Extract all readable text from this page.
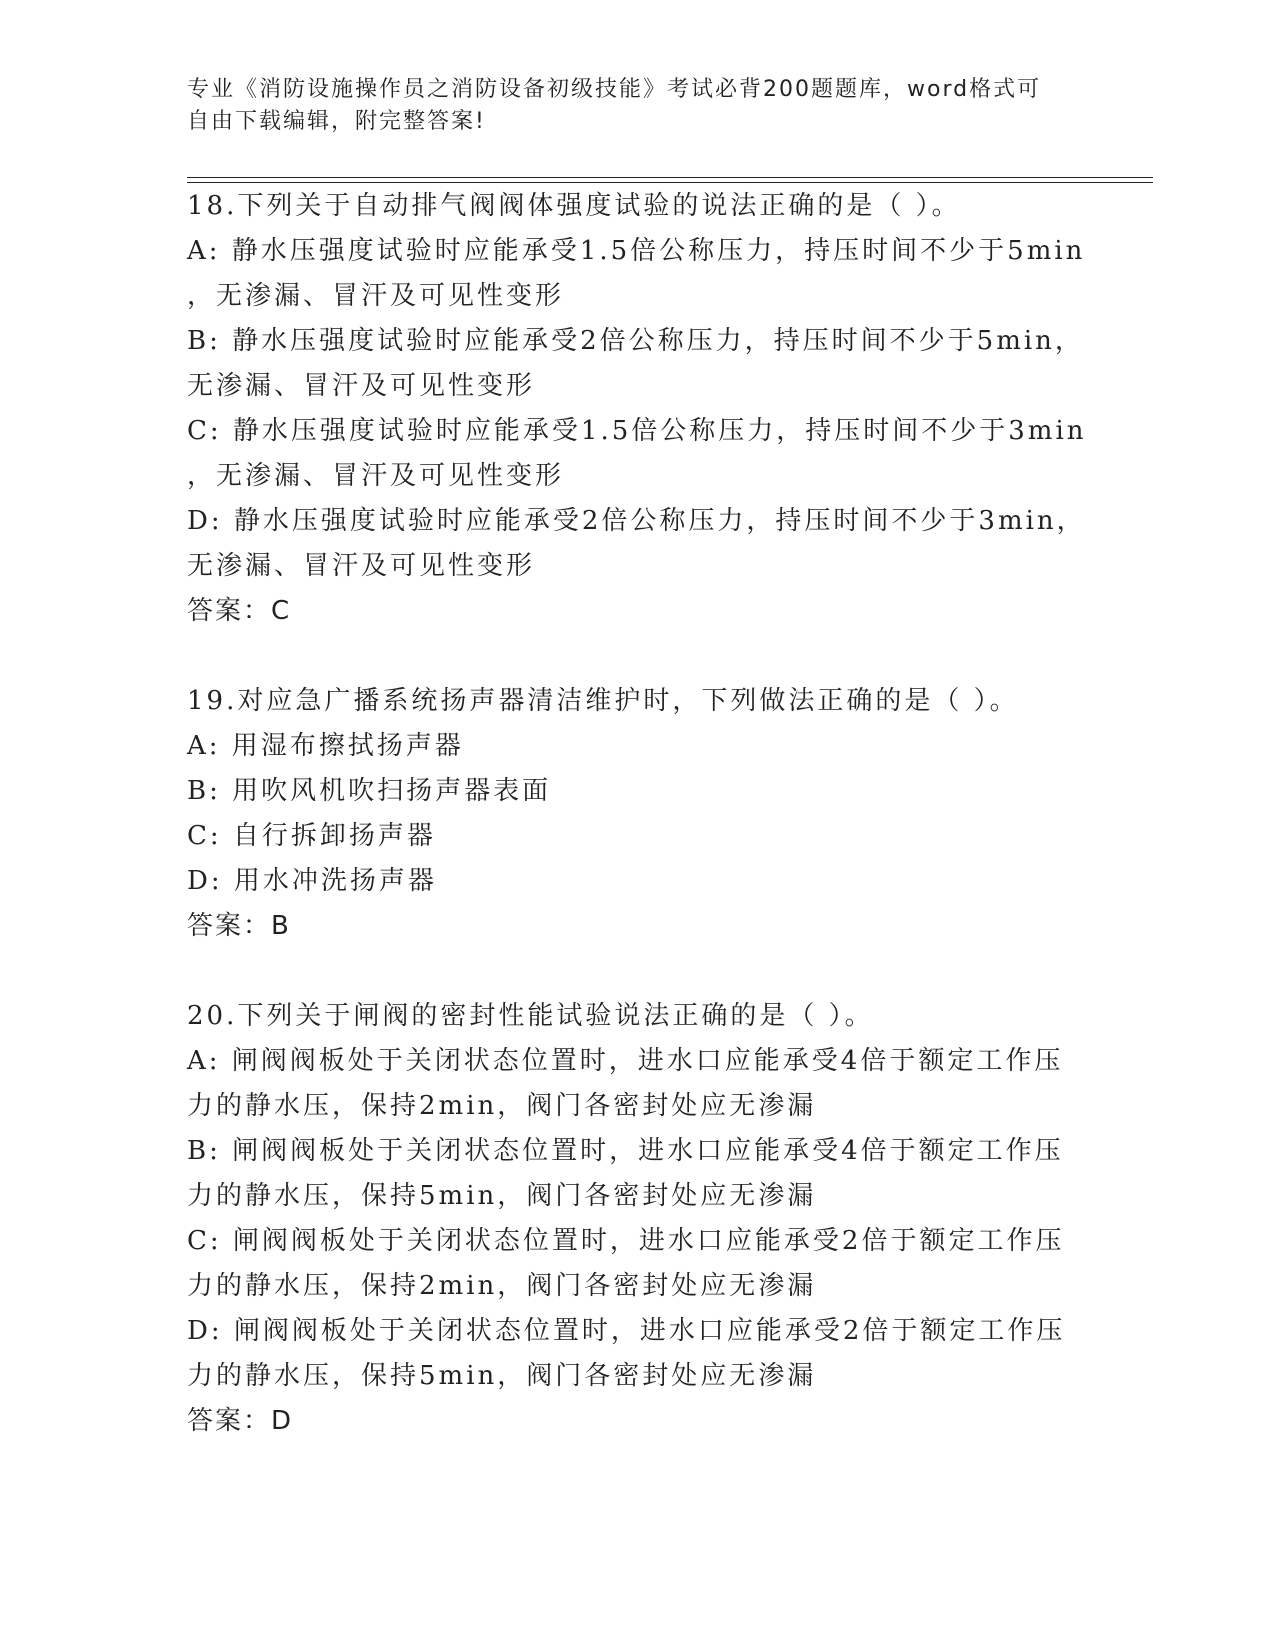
专业《消防设施操作员之消防设备初级技能》考试必背200题题库，word格式可
自由下载编辑，附完整答案!
18.下列关于自动排气阀阀体强度试验的说法正确的是（ ）。
A: 静水压强度试验时应能承受1.5倍公称压力，持压时间不少于5min
，无渗漏、冒汗及可见性变形
B: 静水压强度试验时应能承受2倍公称压力，持压时间不少于5min，
无渗漏、冒汗及可见性变形
C: 静水压强度试验时应能承受1.5倍公称压力，持压时间不少于3min
，无渗漏、冒汗及可见性变形
D: 静水压强度试验时应能承受2倍公称压力，持压时间不少于3min，
无渗漏、冒汗及可见性变形
答案：C
19.对应急广播系统扬声器清洁维护时，下列做法正确的是（ ）。
A: 用湿布擦拭扬声器
B: 用吹风机吹扫扬声器表面
C: 自行拆卸扬声器
D: 用水冲洗扬声器
答案：B
20.下列关于闸阀的密封性能试验说法正确的是（ ）。
A: 闸阀阀板处于关闭状态位置时，进水口应能承受4倍于额定工作压
力的静水压，保持2min，阀门各密封处应无渗漏
B: 闸阀阀板处于关闭状态位置时，进水口应能承受4倍于额定工作压
力的静水压，保持5min，阀门各密封处应无渗漏
C: 闸阀阀板处于关闭状态位置时，进水口应能承受2倍于额定工作压
力的静水压，保持2min，阀门各密封处应无渗漏
D: 闸阀阀板处于关闭状态位置时，进水口应能承受2倍于额定工作压
力的静水压，保持5min，阀门各密封处应无渗漏
答案：D
